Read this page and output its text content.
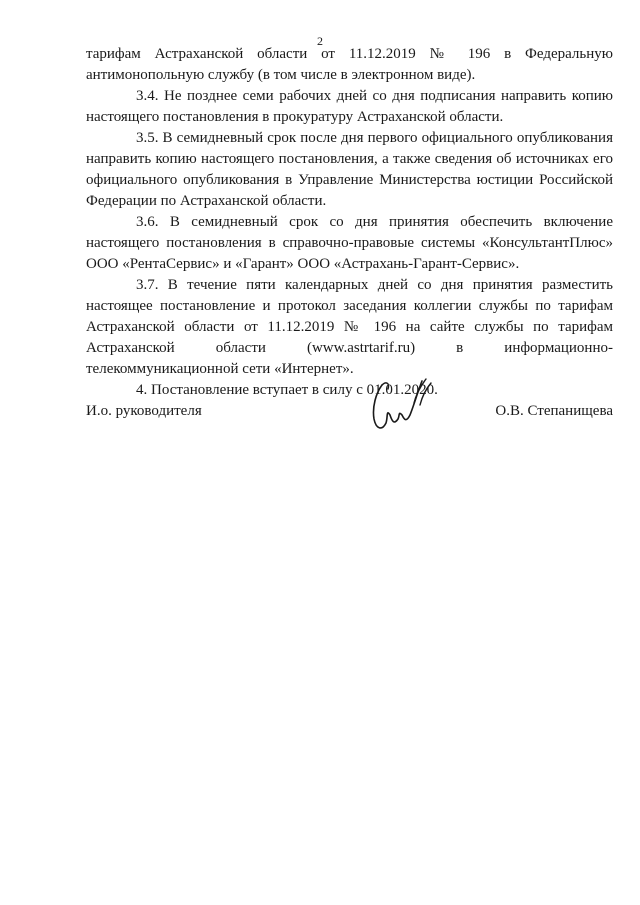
2

тарифам Астраханской области от 11.12.2019 № 196 в Федеральную антимонопольную службу (в том числе в электронном виде).

3.4. Не позднее семи рабочих дней со дня подписания направить копию настоящего постановления в прокуратуру Астраханской области.

3.5. В семидневный срок после дня первого официального опубликования направить копию настоящего постановления, а также сведения об источниках его официального опубликования в Управление Министерства юстиции Российской Федерации по Астраханской области.

3.6. В семидневный срок со дня принятия обеспечить включение настоящего постановления в справочно-правовые системы «КонсультантПлюс» ООО «РентаСервис» и «Гарант» ООО «Астрахань-Гарант-Сервис».

3.7. В течение пяти календарных дней со дня принятия разместить настоящее постановление и протокол заседания коллегии службы по тарифам Астраханской области от 11.12.2019 № 196 на сайте службы по тарифам Астраханской области (www.astrtarif.ru) в информационно-телекоммуникационной сети «Интернет».

4. Постановление вступает в силу с 01.01.2020.

И.о. руководителя	О.В. Степанищева
